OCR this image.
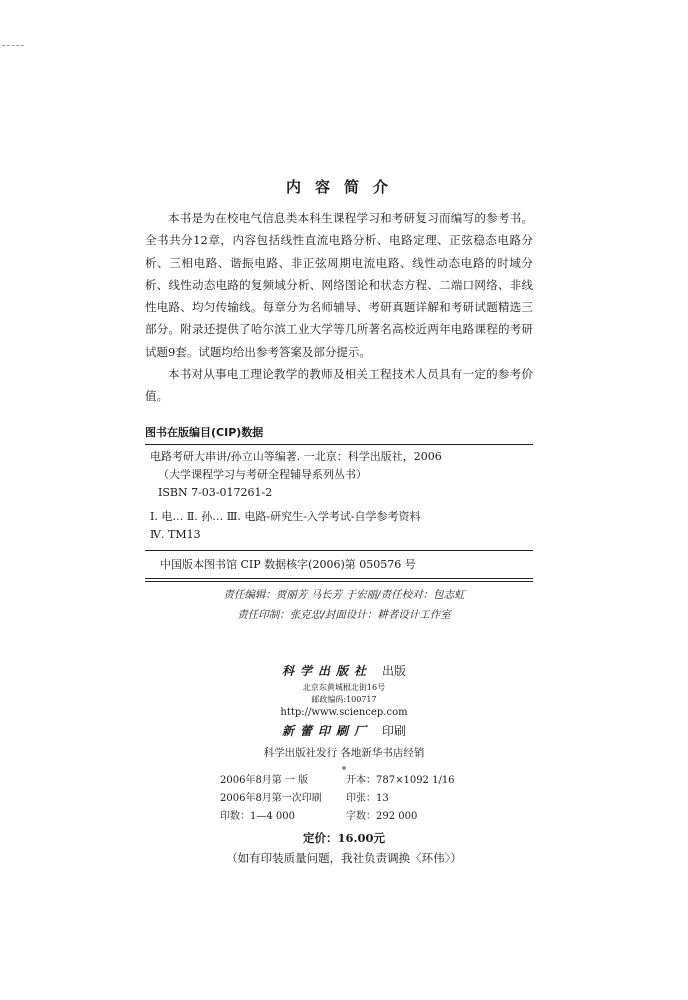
内容简介

本书是为在校电气信息类本科生课程学习和考研复习而编写的参考书。全书共分12章，内容包括线性直流电路分析、电路定理、正弦稳态电路分析、三相电路、谐振电路、非正弦周期电流电路、线性动态电路的时域分析、线性动态电路的复频域分析、网络图论和状态方程、二端口网络、非线性电路、均匀传输线。每章分为名师辅导、考研真题详解和考研试题精选三部分。附录还提供了哈尔滨工业大学等几所著名高校近两年电路课程的考研试题9套。试题均给出参考答案及部分提示。

本书对从事电工理论教学的教师及相关工程技术人员具有一定的参考价值。

图书在版编目(CIP)数据
电路考研大串讲/孙立山等编著. 一北京：科学出版社，2006
（大学课程学习与考研全程辅导系列丛书）
ISBN 7-03-017261-2
Ⅰ. 电… Ⅱ. 孙… Ⅲ. 电路-研究生-入学考试-自学参考资料
Ⅳ. TM13
中国版本图书馆 CIP 数据核字(2006)第 050576 号
责任编辑：贾丽芳 马长芳 于宏丽/责任校对：包志虹
责任印制：张克忠/封面设计：耕者设计工作室
科学出版社 出版
北京东黄城根北街16号
邮政编码:100717
http://www.sciencep.com
新蕾印刷厂 印刷
科学出版社发行 各地新华书店经销
*
2006年8月第 一 版	开本：787×1092 1/16
2006年8月第一次印刷	印张：13
印数：1—4 000	字数：292 000
定价：16.00元
（如有印装质量问题，我社负责调换〈环伟〉）
